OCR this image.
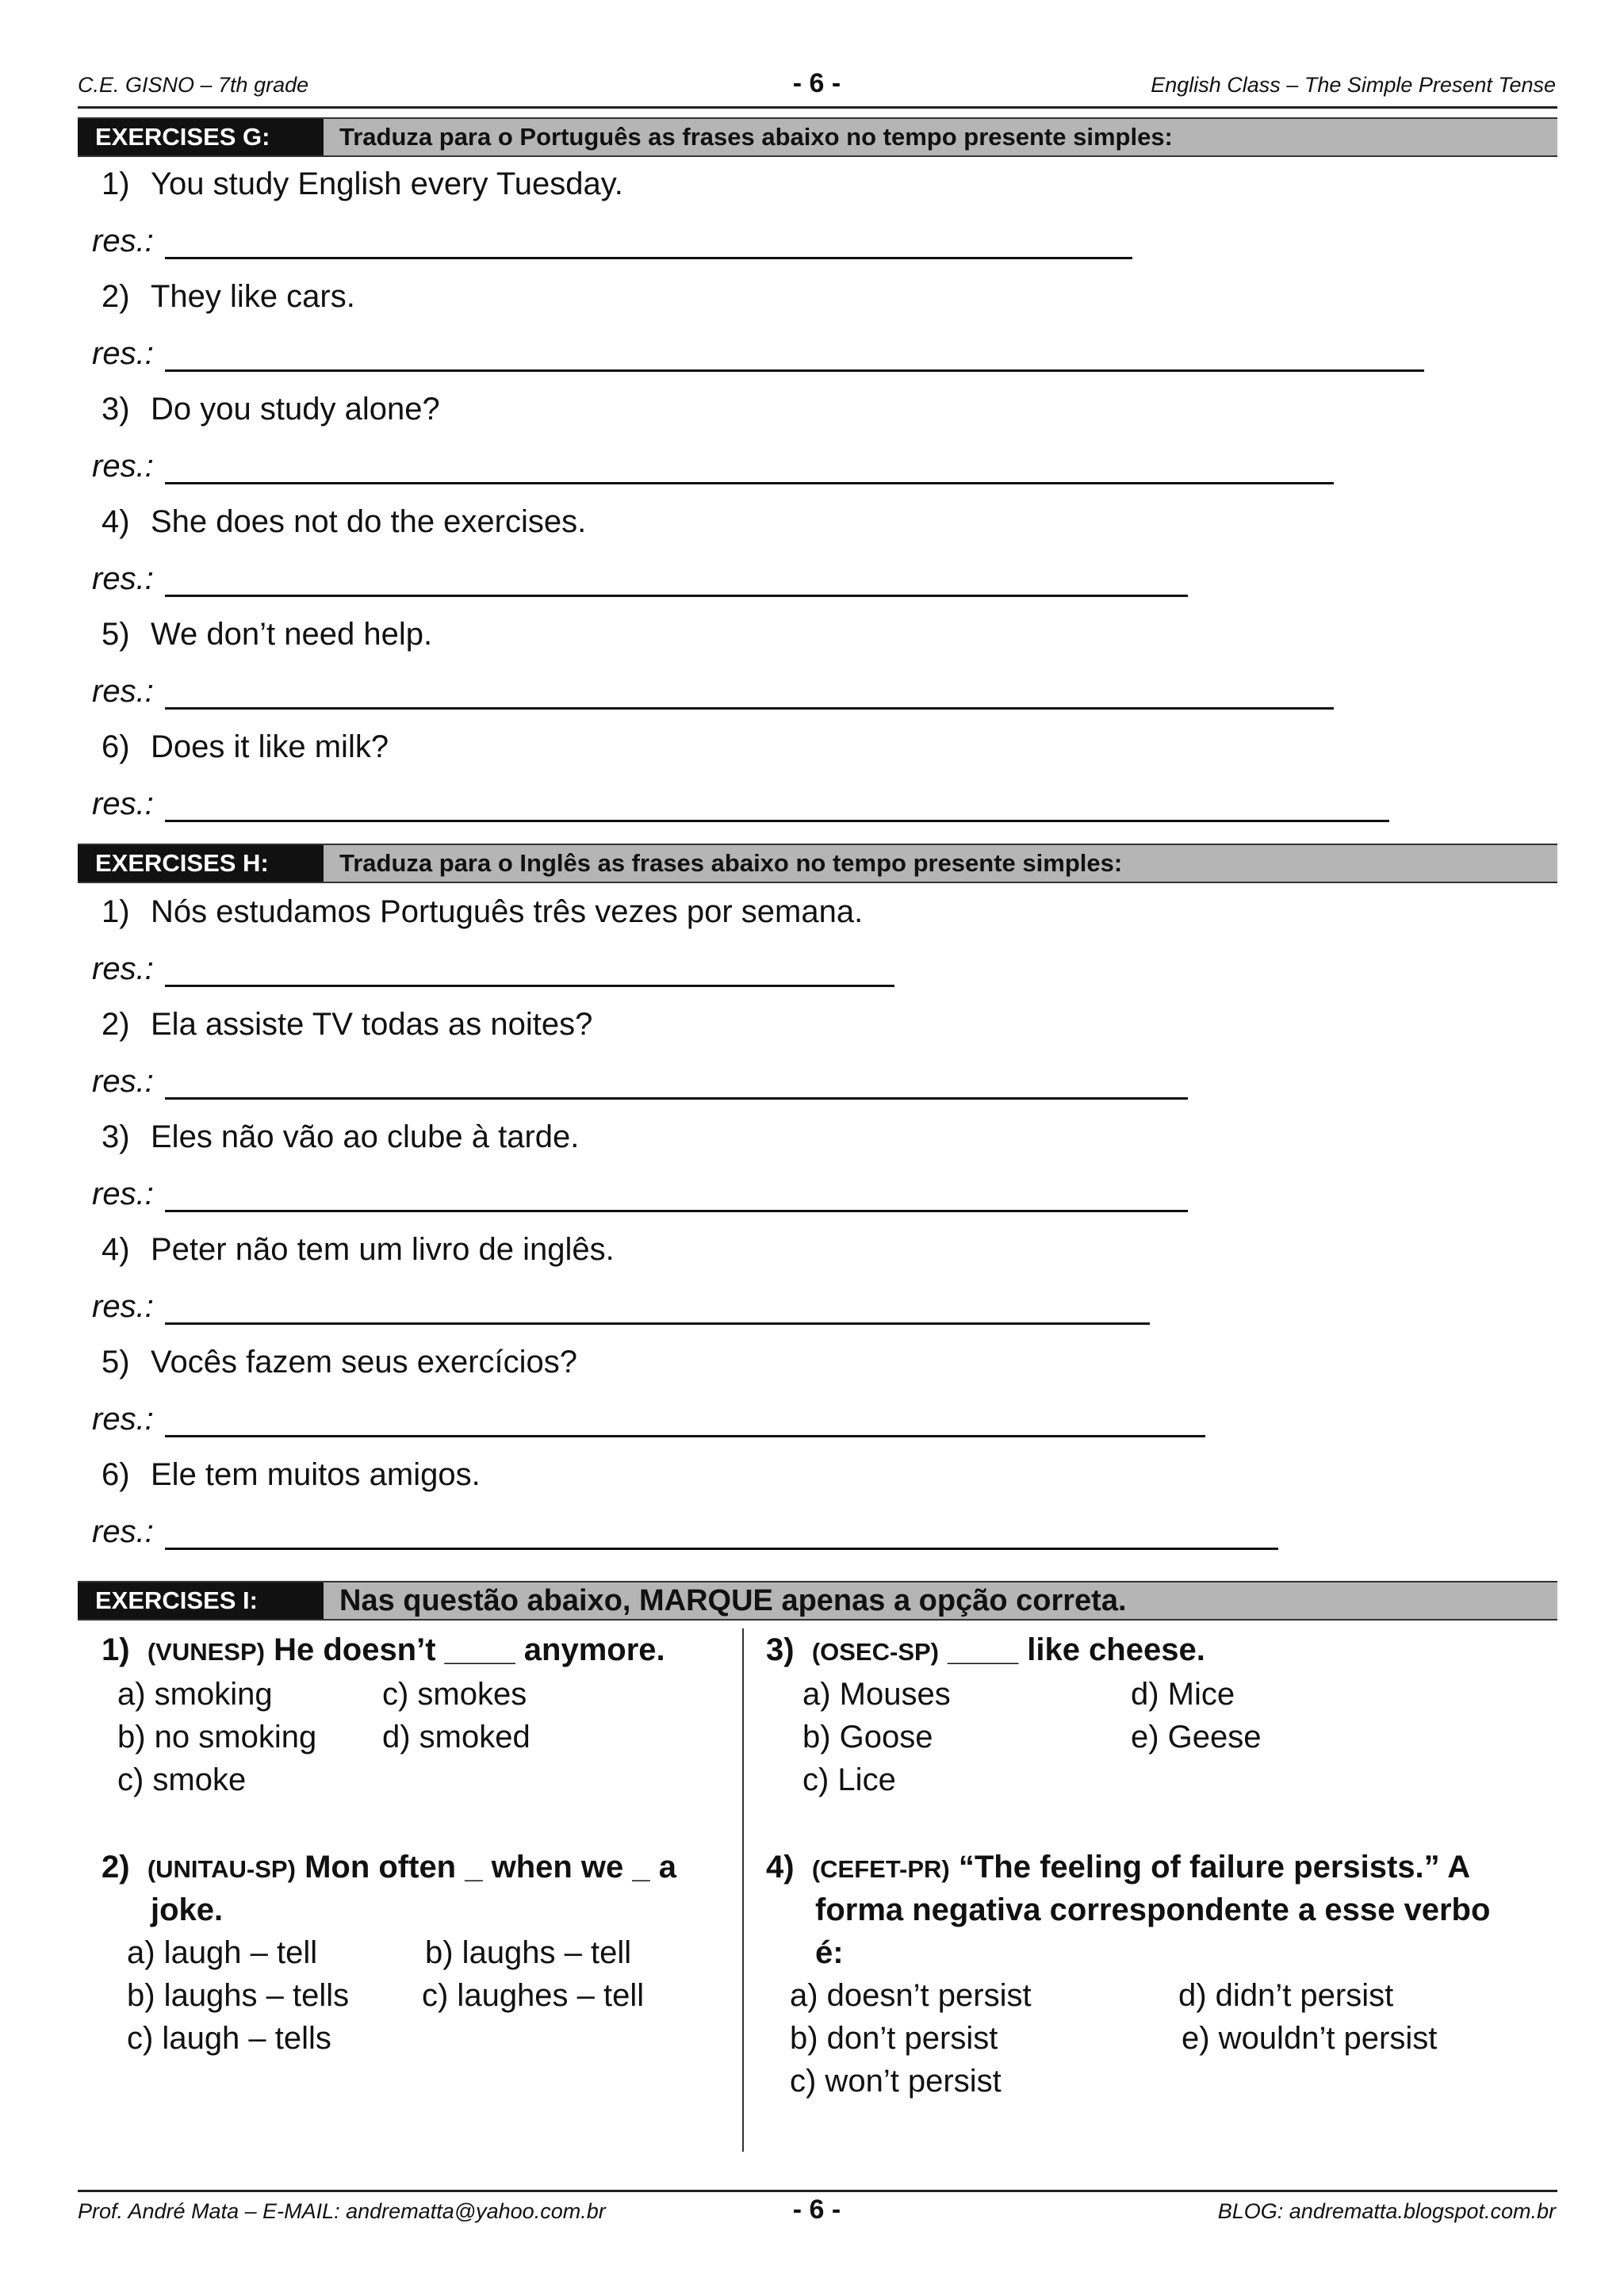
C.E. GISNO – 7th grade	- 6 -	English Class – The Simple Present Tense
EXERCISES G:	Traduza para o Português as frases abaixo no tempo presente simples:
1) You study English every Tuesday.
res.:
2) They like cars.
res.:
3) Do you study alone?
res.:
4) She does not do the exercises.
res.:
5) We don’t need help.
res.:
6) Does it like milk?
res.:
EXERCISES H:	Traduza para o Inglês as frases abaixo no tempo presente simples:
1) Nós estudamos Português três vezes por semana.
res.:
2) Ela assiste TV todas as noites?
res.:
3) Eles não vão ao clube à tarde.
res.:
4) Peter não tem um livro de inglês.
res.:
5) Vocês fazem seus exercícios?
res.:
6) Ele tem muitos amigos.
res.:
EXERCISES I:	Nas questão abaixo, MARQUE apenas a opção correta.
1) (VUNESP) He doesn’t ____ anymore.
a) smoking	c) smokes
b) no smoking d) smoked
c) smoke
2) (UNITAU-SP) Mon often _ when we _ a
joke.
a) laugh – tell	b) laughs – tell
b) laughs – tells c) laughes – tell
c) laugh – tells
3) (OSEC-SP) ____ like cheese.
a) Mouses	d) Mice
b) Goose	e) Geese
c) Lice
4) (CEFET-PR) “The feeling of failure persists.” A
forma negativa correspondente a esse verbo
é:
a) doesn’t persist	d) didn’t persist
b) don’t persist	e) wouldn’t persist
c) won’t persist
Prof. André Mata – E-MAIL: andrematta@yahoo.com.br	- 6 -	BLOG: andrematta.blogspot.com.br
